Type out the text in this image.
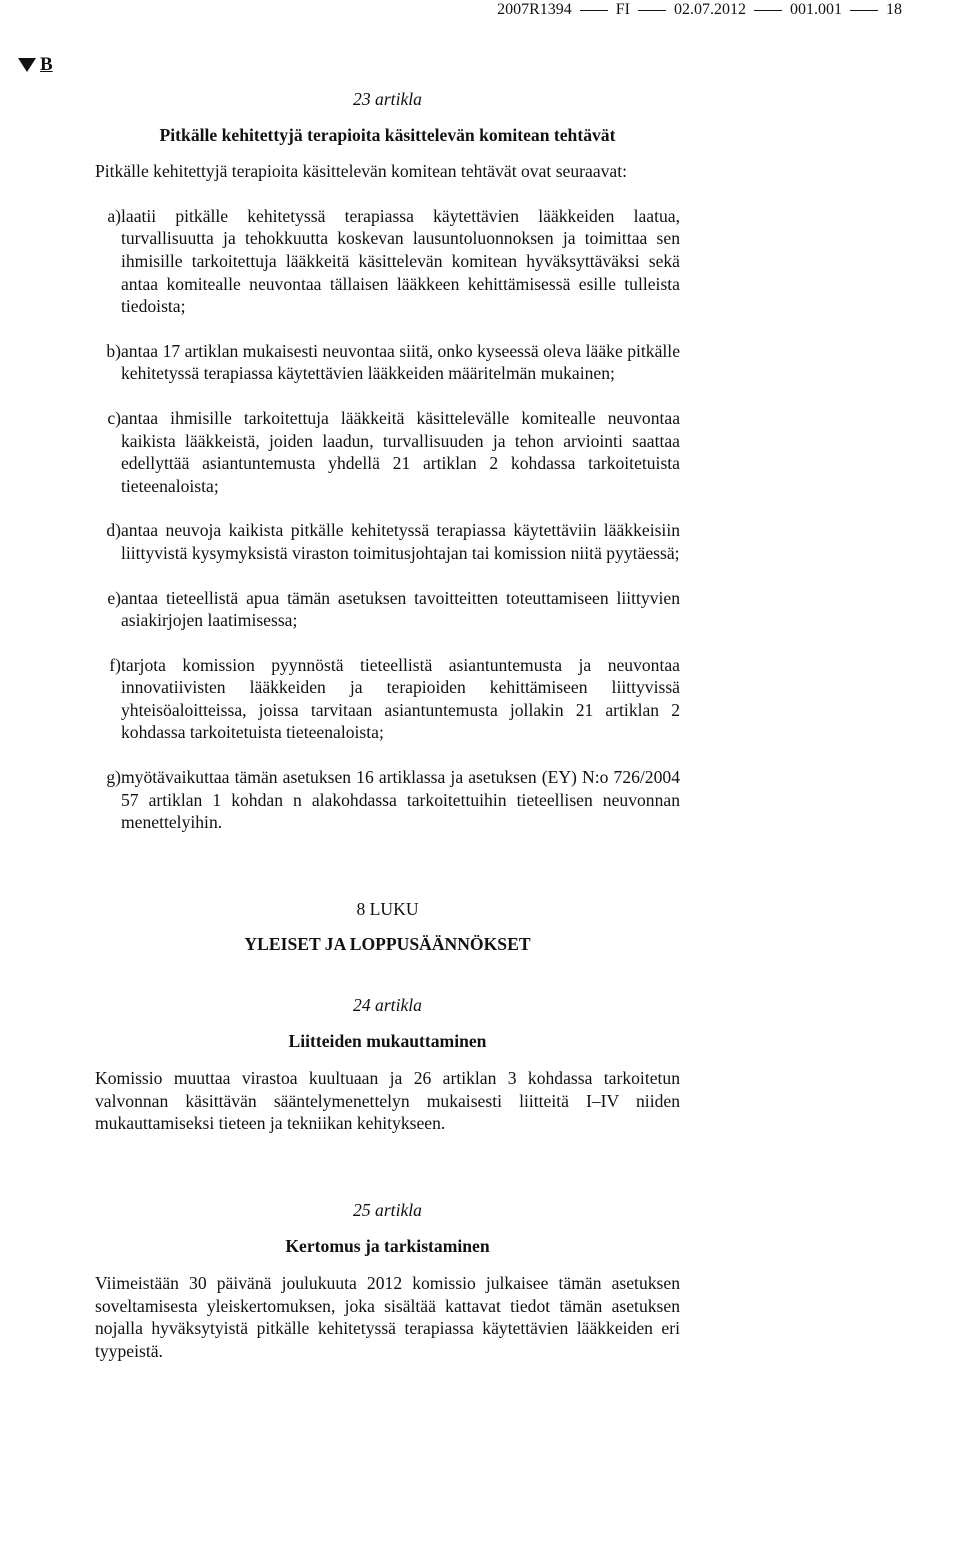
2007R1394	FI	02.07.2012	001.001	18
B
23 artikla
Pitkälle kehitettyjä terapioita käsittelevän komitean tehtävät
Pitkälle kehitettyjä terapioita käsittelevän komitean tehtävät ovat seuraavat:
a) laatii pitkälle kehitetyssä terapiassa käytettävien lääkkeiden laatua, turvallisuutta ja tehokkuutta koskevan lausuntoluonnoksen ja toimittaa sen ihmisille tarkoitettuja lääkkeitä käsittelevän komitean hyväksyttäväksi sekä antaa komitealle neuvontaa tällaisen lääkkeen kehittämisessä esille tulleista tiedoista;
b) antaa 17 artiklan mukaisesti neuvontaa siitä, onko kyseessä oleva lääke pitkälle kehitetyssä terapiassa käytettävien lääkkeiden määritelmän mukainen;
c) antaa ihmisille tarkoitettuja lääkkeitä käsittelevälle komitealle neuvontaa kaikista lääkkeistä, joiden laadun, turvallisuuden ja tehon arviointi saattaa edellyttää asiantuntemusta yhdellä 21 artiklan 2 kohdassa tarkoitetuista tieteenaloista;
d) antaa neuvoja kaikista pitkälle kehitetyssä terapiassa käytettäviin lääkkeisiin liittyvistä kysymyksistä viraston toimitusjohtajan tai komission niitä pyytäessä;
e) antaa tieteellistä apua tämän asetuksen tavoitteitten toteuttamiseen liittyvien asiakirjojen laatimisessa;
f) tarjota komission pyynnöstä tieteellistä asiantuntemusta ja neuvontaa innovatiivisten lääkkeiden ja terapioiden kehittämiseen liittyvissä yhteisöaloitteissa, joissa tarvitaan asiantuntemusta jollakin 21 artiklan 2 kohdassa tarkoitetuista tieteenaloista;
g) myötävaikuttaa tämän asetuksen 16 artiklassa ja asetuksen (EY) N:o 726/2004 57 artiklan 1 kohdan n alakohdassa tarkoitettuihin tieteellisen neuvonnan menettelyihin.
8 LUKU
YLEISET JA LOPPUSÄÄNNÖKSET
24 artikla
Liitteiden mukauttaminen
Komissio muuttaa virastoa kuultuaan ja 26 artiklan 3 kohdassa tarkoitetun valvonnan käsittävän sääntelymenettelyn mukaisesti liitteitä I–IV niiden mukauttamiseksi tieteen ja tekniikan kehitykseen.
25 artikla
Kertomus ja tarkistaminen
Viimeistään 30 päivänä joulukuuta 2012 komissio julkaisee tämän asetuksen soveltamisesta yleiskertomuksen, joka sisältää kattavat tiedot tämän asetuksen nojalla hyväksytyistä pitkälle kehitetyssä terapiassa käytettävien lääkkeiden eri tyypeistä.
